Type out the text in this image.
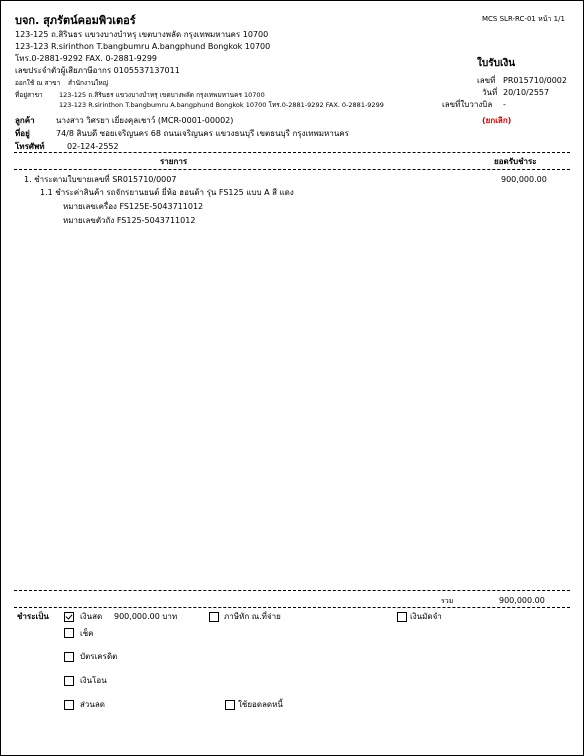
บจก. สุภรัตน์คอมพิวเตอร์	MCS SLR-RC-01 หน้า 1/1
123-125 ถ.สิรินธร แขวงบางบำหรุ เขตบางพลัด กรุงเทพมหานคร 10700
123-123 R.sirinthon T.bangbumru A.bangphund Bongkok 10700
โทร.0-2881-9292 FAX. 0-2881-9299
เลขประจำตัวผู้เสียภาษีอากร 0105537137011
ออกใช้ ณ สาขา สำนักงานใหญ่
ที่อยู่สาขา	123-125 ถ.สิรินธร แขวงบางบำหรุ เขตบางพลัด กรุงเทพมหานคร 10700
123-123 R.sirinthon T.bangbumru A.bangphund Bongkok 10700 โทร.0-2881-9292 FAX. 0-2881-9299
ใบรับเงิน
เลขที่ PR015710/0002
วันที่ 20/10/2557
เลขที่ใบวางบิล -
(ยกเลิก)
ลูกค้า	นางสาว วิศรยา เยี่ยงคุลเชาว์ (MCR-0001-00002)
ที่อยู่	74/8 สินบดี ซอยเจริญนคร 68 ถนนเจริญนคร แขวงธนบุรี เขตธนบุรี กรุงเทพมหานคร
โทรศัพท์	02-124-2552
รายการ	ยอดรับชำระ
1. ชำระตามใบขายเลขที่ SR015710/0007	900,000.00
1.1 ชำระค่าสินค้า รถจักรยานยนต์ ยี่ห้อ ฮอนด้า รุ่น FS125 แบบ A สี แดง
หมายเลขเครื่อง FS125E-5043711012
หมายเลขตัวถัง FS125-5043711012
รวม	900,000.00
ชำระเป็น	เงินสด 900,000.00 บาท	ภาษีหัก ณ.ที่จ่าย	เงินมัดจำ
เช็ค
บัตรเครดิต
เงินโอน
ส่วนลด	ใช้ยอดลดหนี้
